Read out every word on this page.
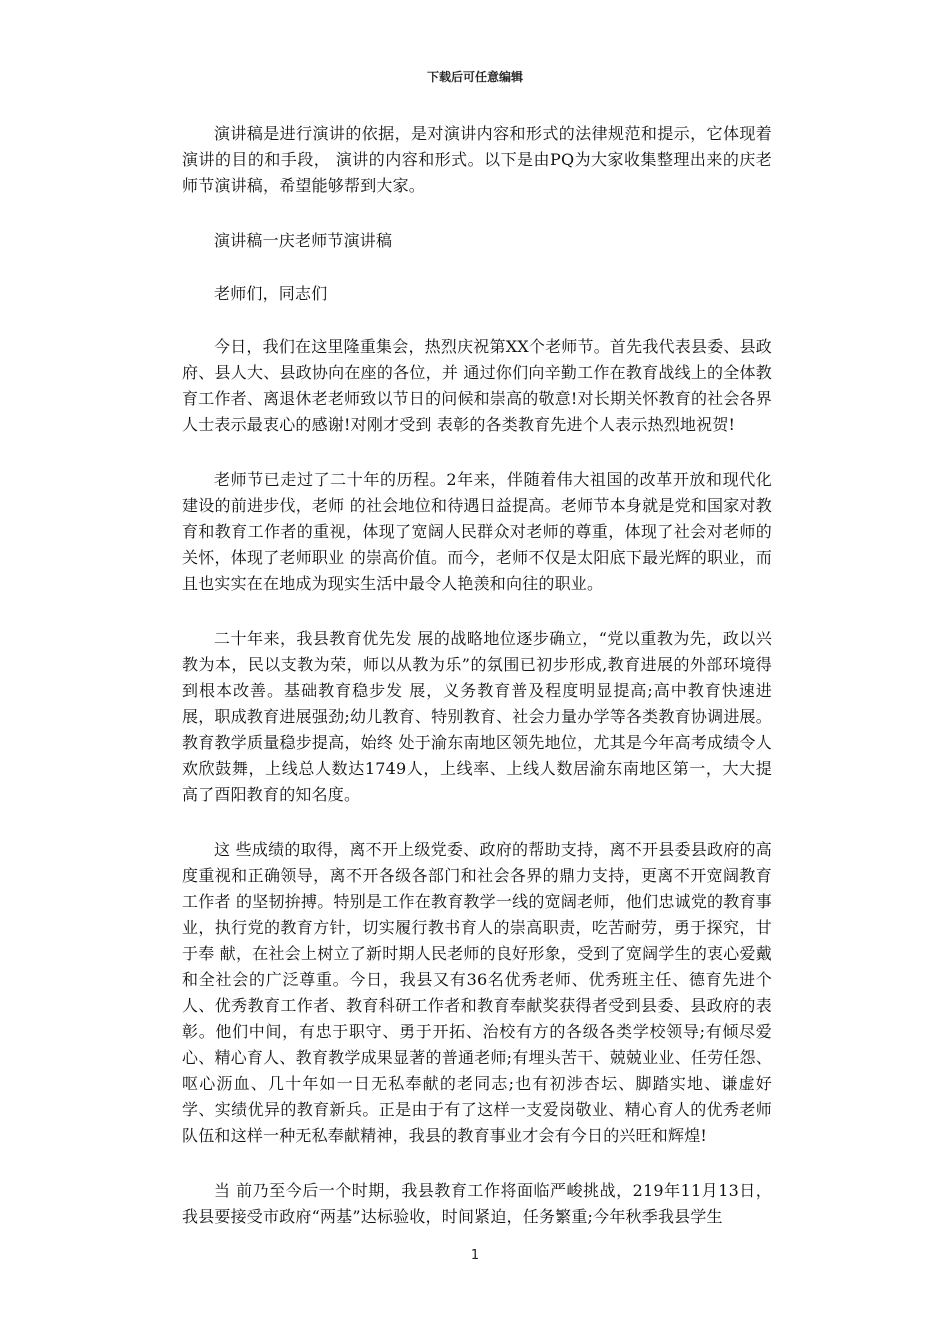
下载后可任意编辑

演讲稿是进行演讲的依据，是对演讲内容和形式的法律规范和提示，它体现着演讲的目的和手段， 演讲的内容和形式。以下是由PQ为大家收集整理出来的庆老师节演讲稿，希望能够帮到大家。

演讲稿一庆老师节演讲稿

老师们，同志们

今日，我们在这里隆重集会，热烈庆祝第XX个老师节。首先我代表县委、县政府、县人大、县政协向在座的各位，并 通过你们向辛勤工作在教育战线上的全体教育工作者、离退休老老师致以节日的问候和崇高的敬意!对长期关怀教育的社会各界人士表示最衷心的感谢!对刚才受到 表彰的各类教育先进个人表示热烈地祝贺!

老师节已走过了二十年的历程。2年来，伴随着伟大祖国的改革开放和现代化建设的前进步伐，老师 的社会地位和待遇日益提高。老师节本身就是党和国家对教育和教育工作者的重视，体现了宽阔人民群众对老师的尊重，体现了社会对老师的关怀，体现了老师职业 的崇高价值。而今，老师不仅是太阳底下最光辉的职业，而且也实实在在地成为现实生活中最令人艳羡和向往的职业。

二十年来，我县教育优先发 展的战略地位逐步确立，“党以重教为先，政以兴教为本，民以支教为荣，师以从教为乐”的氛围已初步形成,教育进展的外部环境得到根本改善。基础教育稳步发 展，义务教育普及程度明显提高;高中教育快速进展，职成教育进展强劲;幼儿教育、特别教育、社会力量办学等各类教育协调进展。教育教学质量稳步提高，始终 处于渝东南地区领先地位，尤其是今年高考成绩令人欢欣鼓舞，上线总人数达1749人，上线率、上线人数居渝东南地区第一，大大提高了酉阳教育的知名度。

这 些成绩的取得，离不开上级党委、政府的帮助支持，离不开县委县政府的高度重视和正确领导，离不开各级各部门和社会各界的鼎力支持，更离不开宽阔教育工作者 的坚韧拚搏。特别是工作在教育教学一线的宽阔老师，他们忠诚党的教育事业，执行党的教育方针，切实履行教书育人的崇高职责，吃苦耐劳，勇于探究，甘于奉 献，在社会上树立了新时期人民老师的良好形象，受到了宽阔学生的衷心爱戴和全社会的广泛尊重。今日，我县又有36名优秀老师、优秀班主任、德育先进个 人、优秀教育工作者、教育科研工作者和教育奉献奖获得者受到县委、县政府的表彰。他们中间，有忠于职守、勇于开拓、治校有方的各级各类学校领导;有倾尽爱 心、精心育人、教育教学成果显著的普通老师;有埋头苦干、兢兢业业、任劳任怨、呕心沥血、几十年如一日无私奉献的老同志;也有初涉杏坛、脚踏实地、谦虚好 学、实绩优异的教育新兵。正是由于有了这样一支爱岗敬业、精心育人的优秀老师队伍和这样一种无私奉献精神，我县的教育事业才会有今日的兴旺和辉煌!

当 前乃至今后一个时期，我县教育工作将面临严峻挑战，219年11月13日，我县要接受市政府“两基”达标验收，时间紧迫，任务繁重;今年秋季我县学生

1
